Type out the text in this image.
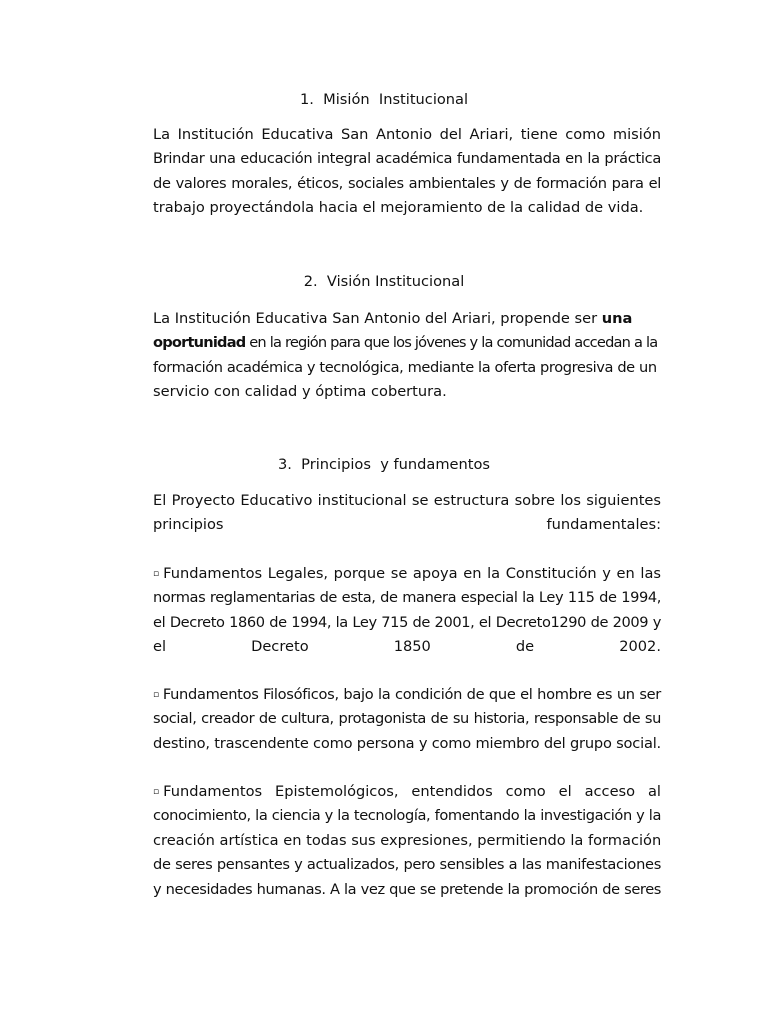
1.  Misión  Institucional
La Institución Educativa San Antonio del Ariari, tiene como misión
Brindar una educación integral académica fundamentada en la práctica
de valores morales, éticos, sociales ambientales y de formación para el
trabajo proyectándola hacia el mejoramiento de la calidad de vida.
2.  Visión Institucional
La Institución Educativa San Antonio del Ariari, propende ser una
oportunidad en la región para que los jóvenes y la comunidad accedan a la
formación académica y tecnológica, mediante la oferta progresiva de un
servicio con calidad y óptima cobertura.
3.  Principios  y fundamentos
El Proyecto Educativo institucional se estructura sobre los siguientes
principios fundamentales:
▫ Fundamentos Legales, porque se apoya en la Constitución y en las
normas reglamentarias de esta, de manera especial la Ley 115 de 1994,
el Decreto 1860 de 1994, la Ley 715 de 2001, el Decreto1290 de 2009 y
el Decreto 1850 de 2002.
▫ Fundamentos Filosóficos, bajo la condición de que el hombre es un ser
social, creador de cultura, protagonista de su historia, responsable de su
destino, trascendente como persona y como miembro del grupo social.
▫ Fundamentos Epistemológicos, entendidos como el acceso al
conocimiento, la ciencia y la tecnología, fomentando la investigación y la
creación artística en todas sus expresiones, permitiendo la formación
de seres pensantes y actualizados, pero sensibles a las manifestaciones
y necesidades humanas. A la vez que se pretende la promoción de seres
